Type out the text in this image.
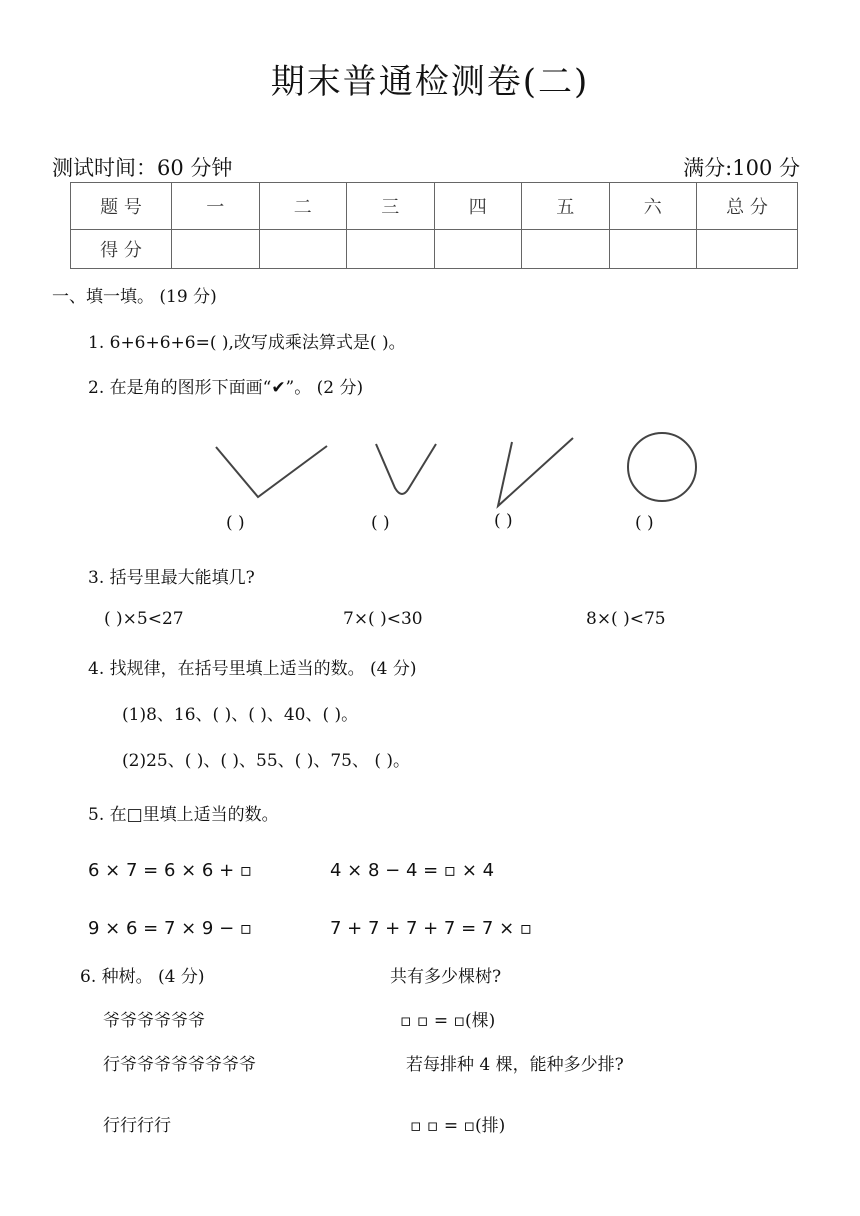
期末普通检测卷(二)
测试时间：60 分钟	满分:100 分
题 号	一	二	三	四	五	六	总 分
得 分							
一、填一填。 (19 分)
1. 6+6+6+6=( ),改写成乘法算式是( )。
2. 在是角的图形下面画“✔”。 (2 分)
( )	( )	( )	( )
3. 括号里最大能填几?
( )×5<27	7×( )<30	8×( )<75
4. 找规律，在括号里填上适当的数。 (4 分)
(1)8、16、( )、( )、40、( )。
(2)25、( )、( )、55、( )、75、 ( )。
5. 在□里填上适当的数。
6 × 7 = 6 × 6 + ▫	4 × 8 − 4 = ▫ × 4
9 × 6 = 7 × 9 − ▫	7 + 7 + 7 + 7 = 7 × ▫
6. 种树。 (4 分)	共有多少棵树?
爷爷爷爷爷爷	▫ ▫ = ▫(棵)
行爷爷爷爷爷爷爷爷	若每排种 4 棵，能种多少排?
行行行行	▫ ▫ = ▫(排)
